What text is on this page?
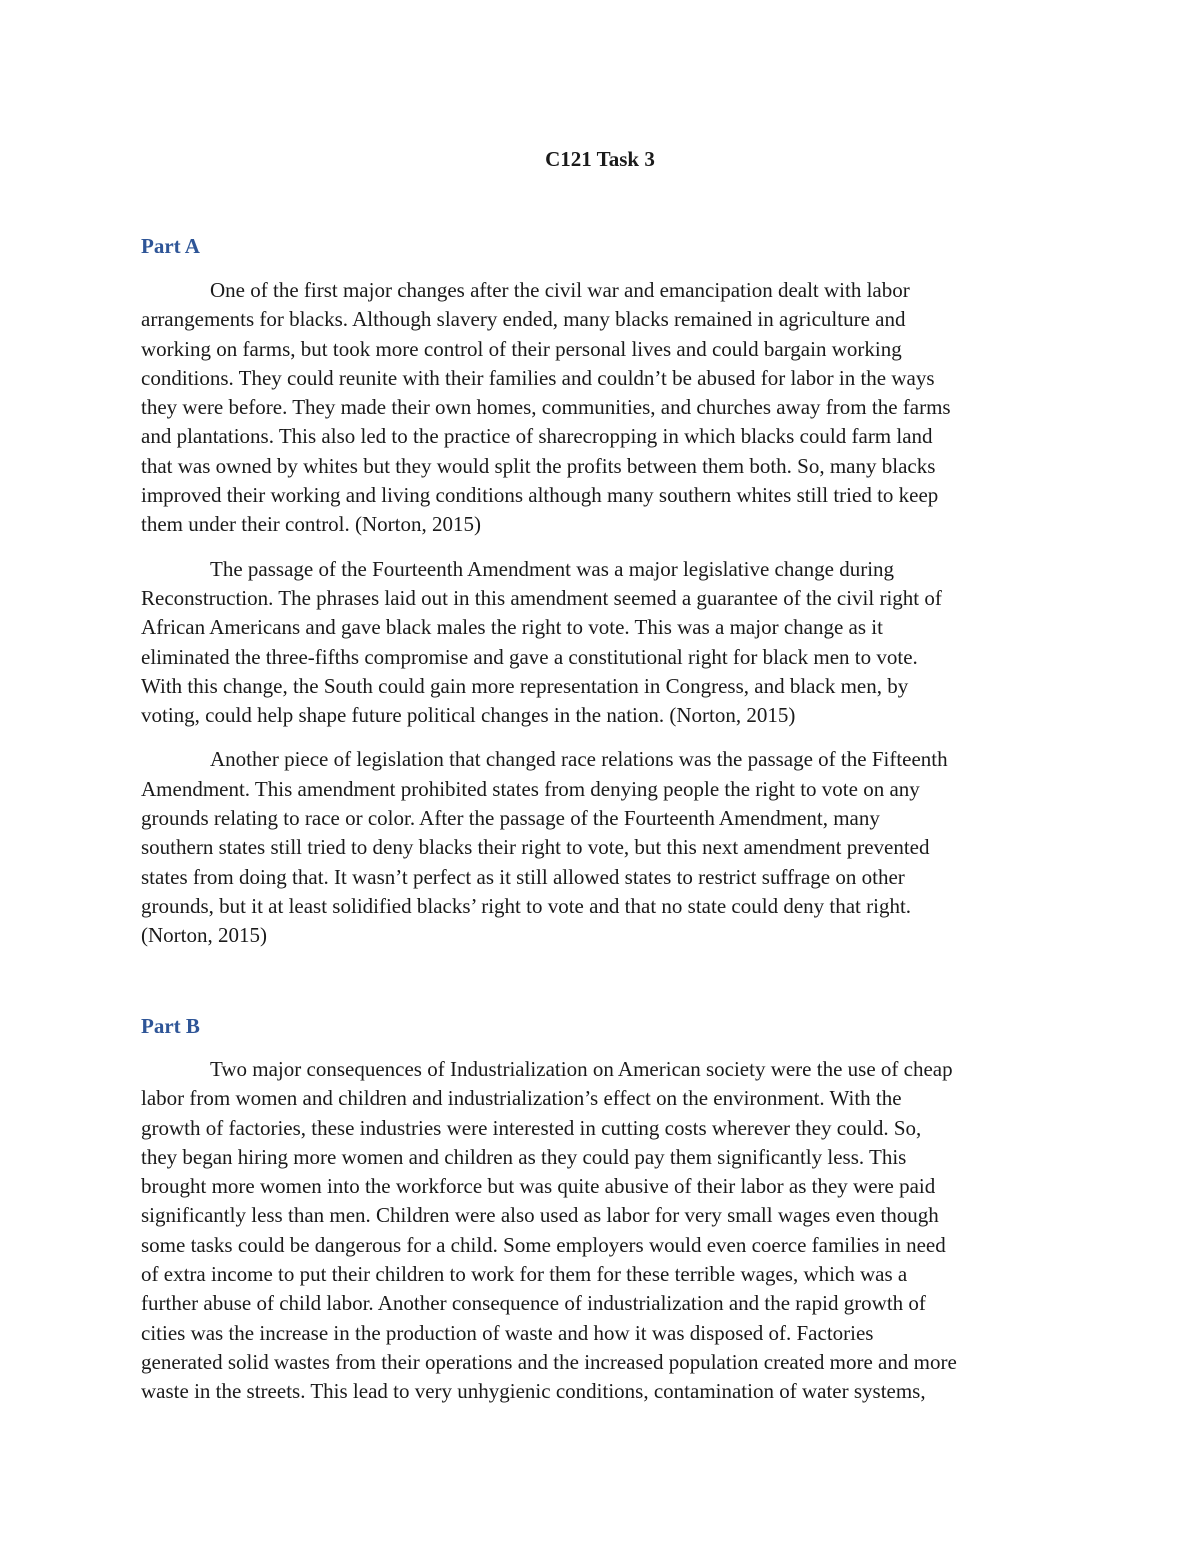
C121 Task 3
Part A

One of the first major changes after the civil war and emancipation dealt with labor
arrangements for blacks. Although slavery ended, many blacks remained in agriculture and
working on farms, but took more control of their personal lives and could bargain working
conditions. They could reunite with their families and couldn’t be abused for labor in the ways
they were before. They made their own homes, communities, and churches away from the farms
and plantations. This also led to the practice of sharecropping in which blacks could farm land
that was owned by whites but they would split the profits between them both. So, many blacks
improved their working and living conditions although many southern whites still tried to keep
them under their control. (Norton, 2015)

The passage of the Fourteenth Amendment was a major legislative change during
Reconstruction. The phrases laid out in this amendment seemed a guarantee of the civil right of
African Americans and gave black males the right to vote. This was a major change as it
eliminated the three-fifths compromise and gave a constitutional right for black men to vote.
With this change, the South could gain more representation in Congress, and black men, by
voting, could help shape future political changes in the nation. (Norton, 2015)

Another piece of legislation that changed race relations was the passage of the Fifteenth
Amendment. This amendment prohibited states from denying people the right to vote on any
grounds relating to race or color. After the passage of the Fourteenth Amendment, many
southern states still tried to deny blacks their right to vote, but this next amendment prevented
states from doing that. It wasn’t perfect as it still allowed states to restrict suffrage on other
grounds, but it at least solidified blacks’ right to vote and that no state could deny that right.
(Norton, 2015)

Part B

Two major consequences of Industrialization on American society were the use of cheap
labor from women and children and industrialization’s effect on the environment. With the
growth of factories, these industries were interested in cutting costs wherever they could. So,
they began hiring more women and children as they could pay them significantly less. This
brought more women into the workforce but was quite abusive of their labor as they were paid
significantly less than men. Children were also used as labor for very small wages even though
some tasks could be dangerous for a child. Some employers would even coerce families in need
of extra income to put their children to work for them for these terrible wages, which was a
further abuse of child labor. Another consequence of industrialization and the rapid growth of
cities was the increase in the production of waste and how it was disposed of. Factories
generated solid wastes from their operations and the increased population created more and more
waste in the streets. This lead to very unhygienic conditions, contamination of water systems,
